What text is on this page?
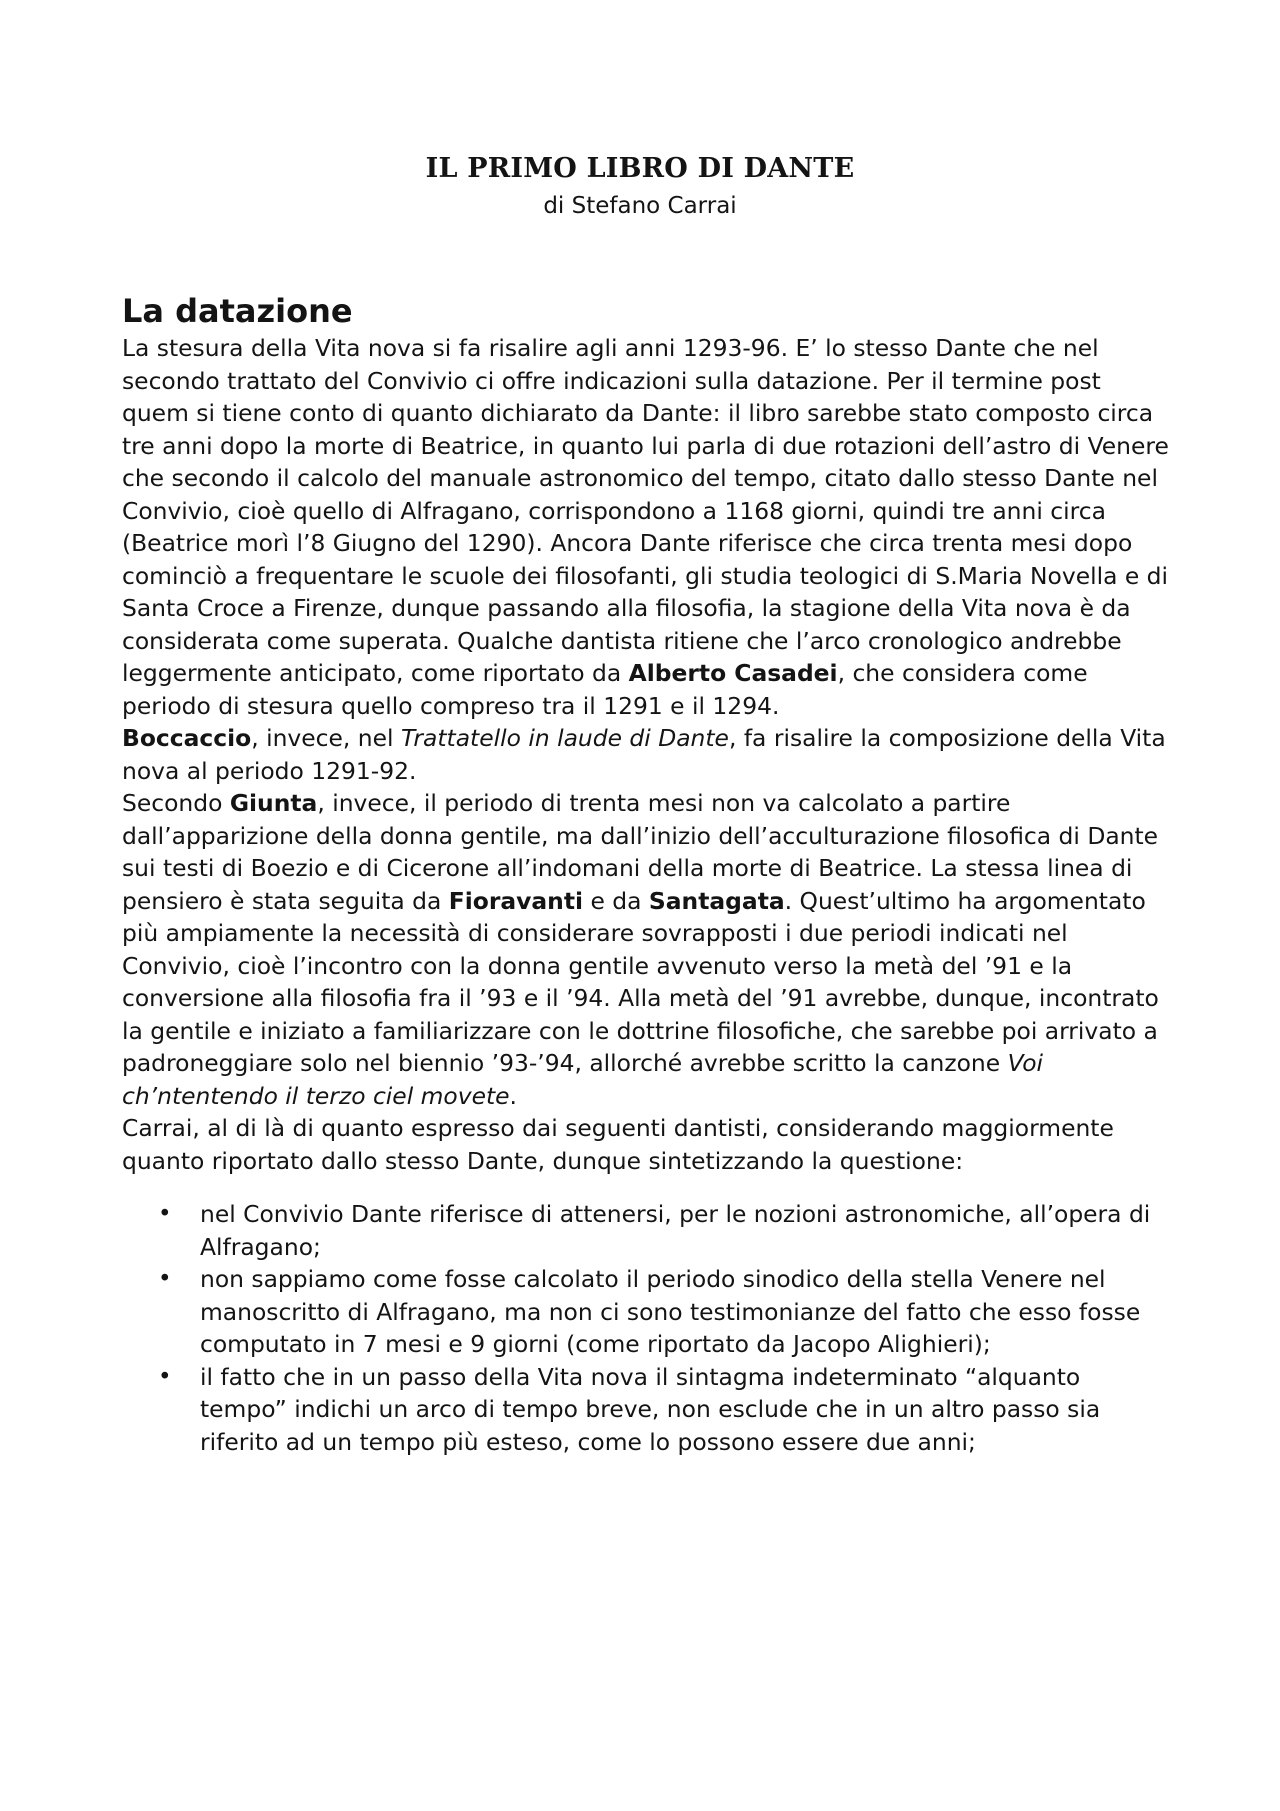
IL PRIMO LIBRO DI DANTE
di Stefano Carrai
La datazione

La stesura della Vita nova si fa risalire agli anni 1293-96. E’ lo stesso Dante che nel secondo trattato del Convivio ci offre indicazioni sulla datazione. Per il termine post quem si tiene conto di quanto dichiarato da Dante: il libro sarebbe stato composto circa tre anni dopo la morte di Beatrice, in quanto lui parla di due rotazioni dell’astro di Venere che secondo il calcolo del manuale astronomico del tempo, citato dallo stesso Dante nel Convivio, cioè quello di Alfragano, corrispondono a 1168 giorni, quindi tre anni circa (Beatrice morì l’8 Giugno del 1290). Ancora Dante riferisce che circa trenta mesi dopo cominciò a frequentare le scuole dei filosofanti, gli studia teologici di S.Maria Novella e di Santa Croce a Firenze, dunque passando alla filosofia, la stagione della Vita nova è da considerata come superata. Qualche dantista ritiene che l’arco cronologico andrebbe leggermente anticipato, come riportato da Alberto Casadei, che considera come periodo di stesura quello compreso tra il 1291 e il 1294.

Boccaccio, invece, nel Trattatello in laude di Dante, fa risalire la composizione della Vita nova al periodo 1291-92.

Secondo Giunta, invece, il periodo di trenta mesi non va calcolato a partire dall’apparizione della donna gentile, ma dall’inizio dell’acculturazione filosofica di Dante sui testi di Boezio e di Cicerone all’indomani della morte di Beatrice. La stessa linea di pensiero è stata seguita da Fioravanti e da Santagata. Quest’ultimo ha argomentato più ampiamente la necessità di considerare sovrapposti i due periodi indicati nel Convivio, cioè l’incontro con la donna gentile avvenuto verso la metà del ’91 e la conversione alla filosofia fra il ’93 e il ’94. Alla metà del ’91 avrebbe, dunque, incontrato la gentile e iniziato a familiarizzare con le dottrine filosofiche, che sarebbe poi arrivato a padroneggiare solo nel biennio ’93-’94, allorché avrebbe scritto la canzone Voi ch’ntentendo il terzo ciel movete.

Carrai, al di là di quanto espresso dai seguenti dantisti, considerando maggiormente quanto riportato dallo stesso Dante, dunque sintetizzando la questione:

• nel Convivio Dante riferisce di attenersi, per le nozioni astronomiche, all’opera di Alfragano;
• non sappiamo come fosse calcolato il periodo sinodico della stella Venere nel manoscritto di Alfragano, ma non ci sono testimonianze del fatto che esso fosse computato in 7 mesi e 9 giorni (come riportato da Jacopo Alighieri);
• il fatto che in un passo della Vita nova il sintagma indeterminato “alquanto tempo” indichi un arco di tempo breve, non esclude che in un altro passo sia riferito ad un tempo più esteso, come lo possono essere due anni;
